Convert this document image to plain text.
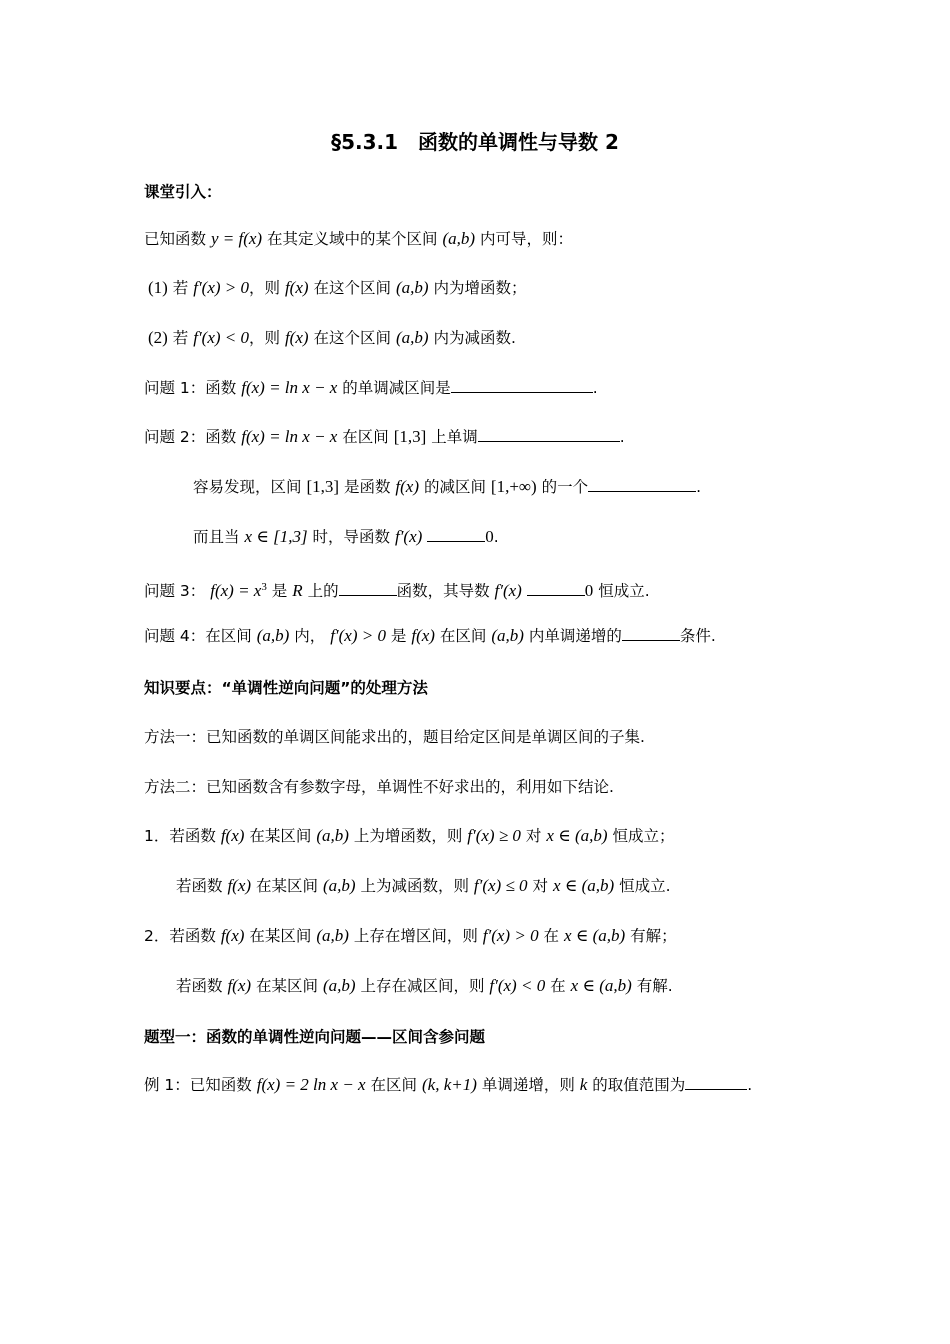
§5.3.1　函数的单调性与导数 2
课堂引入：
已知函数 y = f(x) 在其定义域中的某个区间 (a,b) 内可导，则：
(1) 若 f′(x) > 0，则 f(x) 在这个区间 (a,b) 内为增函数；
(2) 若 f′(x) < 0，则 f(x) 在这个区间 (a,b) 内为减函数.
问题 1：函数 f(x) = ln x − x 的单调减区间是	.
问题 2：函数 f(x) = ln x − x 在区间 [1,3] 上单调	.
容易发现，区间 [1,3] 是函数 f(x) 的减区间 [1,+∞) 的一个	.
而且当 x ∈ [1,3] 时，导函数 f′(x)	0.
问题 3： $f(x) = x^3$ 是 R 上的	函数，其导数 f′(x)	0 恒成立.
问题 4：在区间 (a,b) 内， f′(x) > 0 是 f(x) 在区间 (a,b) 内单调递增的	条件.
知识要点：“单调性逆向问题”的处理方法
方法一：已知函数的单调区间能求出的，题目给定区间是单调区间的子集.
方法二：已知函数含有参数字母，单调性不好求出的，利用如下结论.
1．若函数 f(x) 在某区间 (a,b) 上为增函数，则 f′(x) ≥ 0 对 x ∈ (a,b) 恒成立；
若函数 f(x) 在某区间 (a,b) 上为减函数，则 f′(x) ≤ 0 对 x ∈ (a,b) 恒成立.
2．若函数 f(x) 在某区间 (a,b) 上存在增区间，则 f′(x) > 0 在 x ∈ (a,b) 有解；
若函数 f(x) 在某区间 (a,b) 上存在减区间，则 f′(x) < 0 在 x ∈ (a,b) 有解.
题型一：函数的单调性逆向问题——区间含参问题
例 1：已知函数 f(x) = 2 ln x − x 在区间 (k, k+1) 单调递增，则 k 的取值范围为	.
